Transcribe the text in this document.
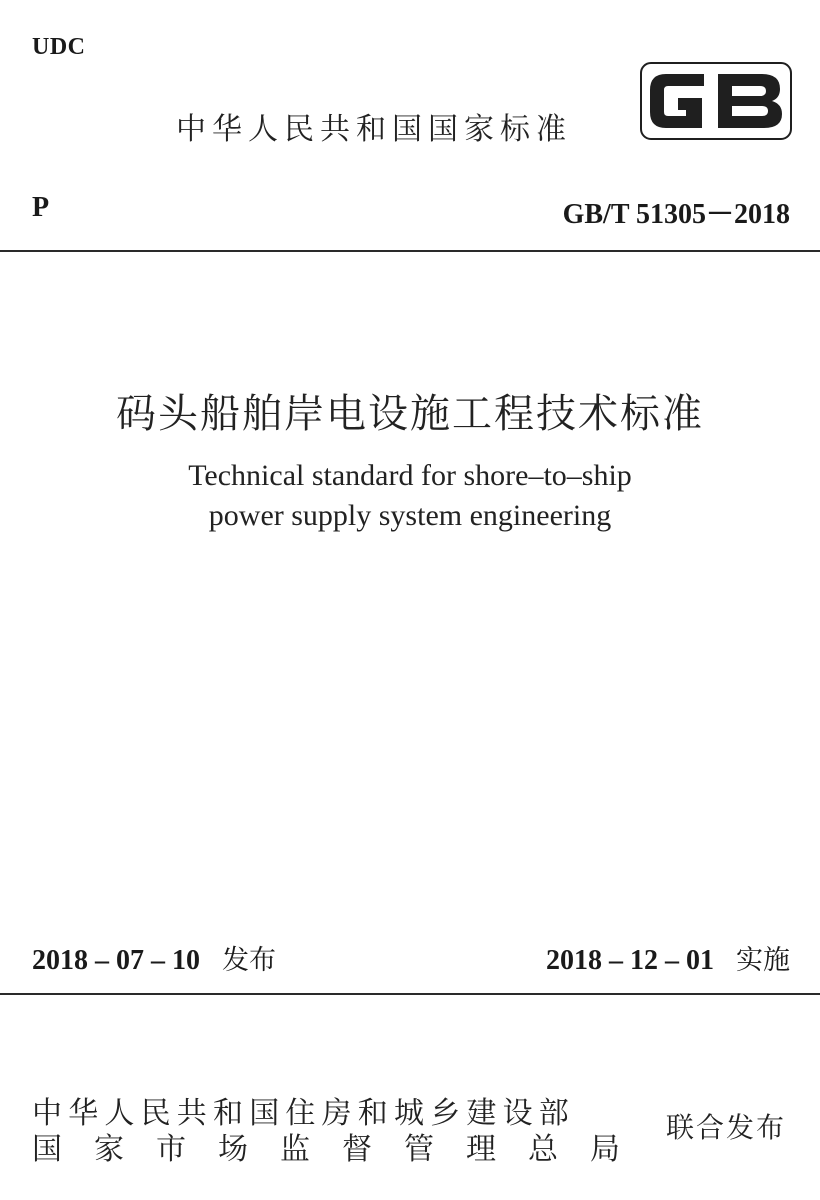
UDC
中华人民共和国国家标准
P	GB/T 51305－2018
码头船舶岸电设施工程技术标准
Technical standard for shore–to–ship
power supply system engineering
2018 – 07 – 10 发布	2018 – 12 – 01 实施
中华人民共和国住房和城乡建设部
国家市场监督管理总局
联合发布
